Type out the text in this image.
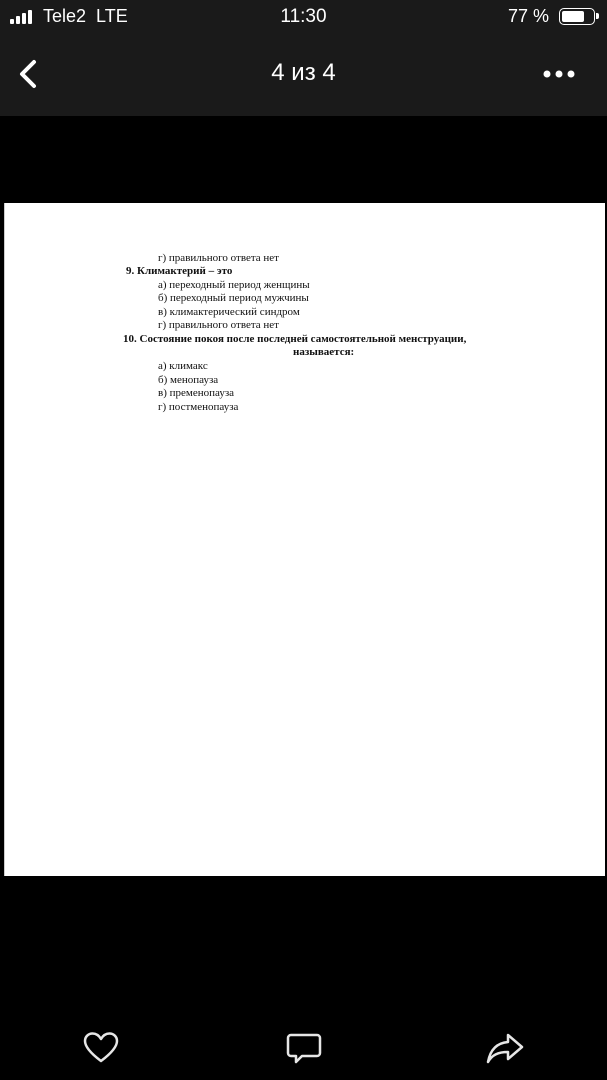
Tele2 LTE	11:30	77 %
4 из 4
г) правильного ответа нет
9. Климактерий – это
а) переходный период женщины
б) переходный период мужчины
в) климактерический синдром
г) правильного ответа нет
10. Состояние покоя после последней самостоятельной менструации,
называется:
а) климакс
б) менопауза
в) пременопауза
г) постменопауза
